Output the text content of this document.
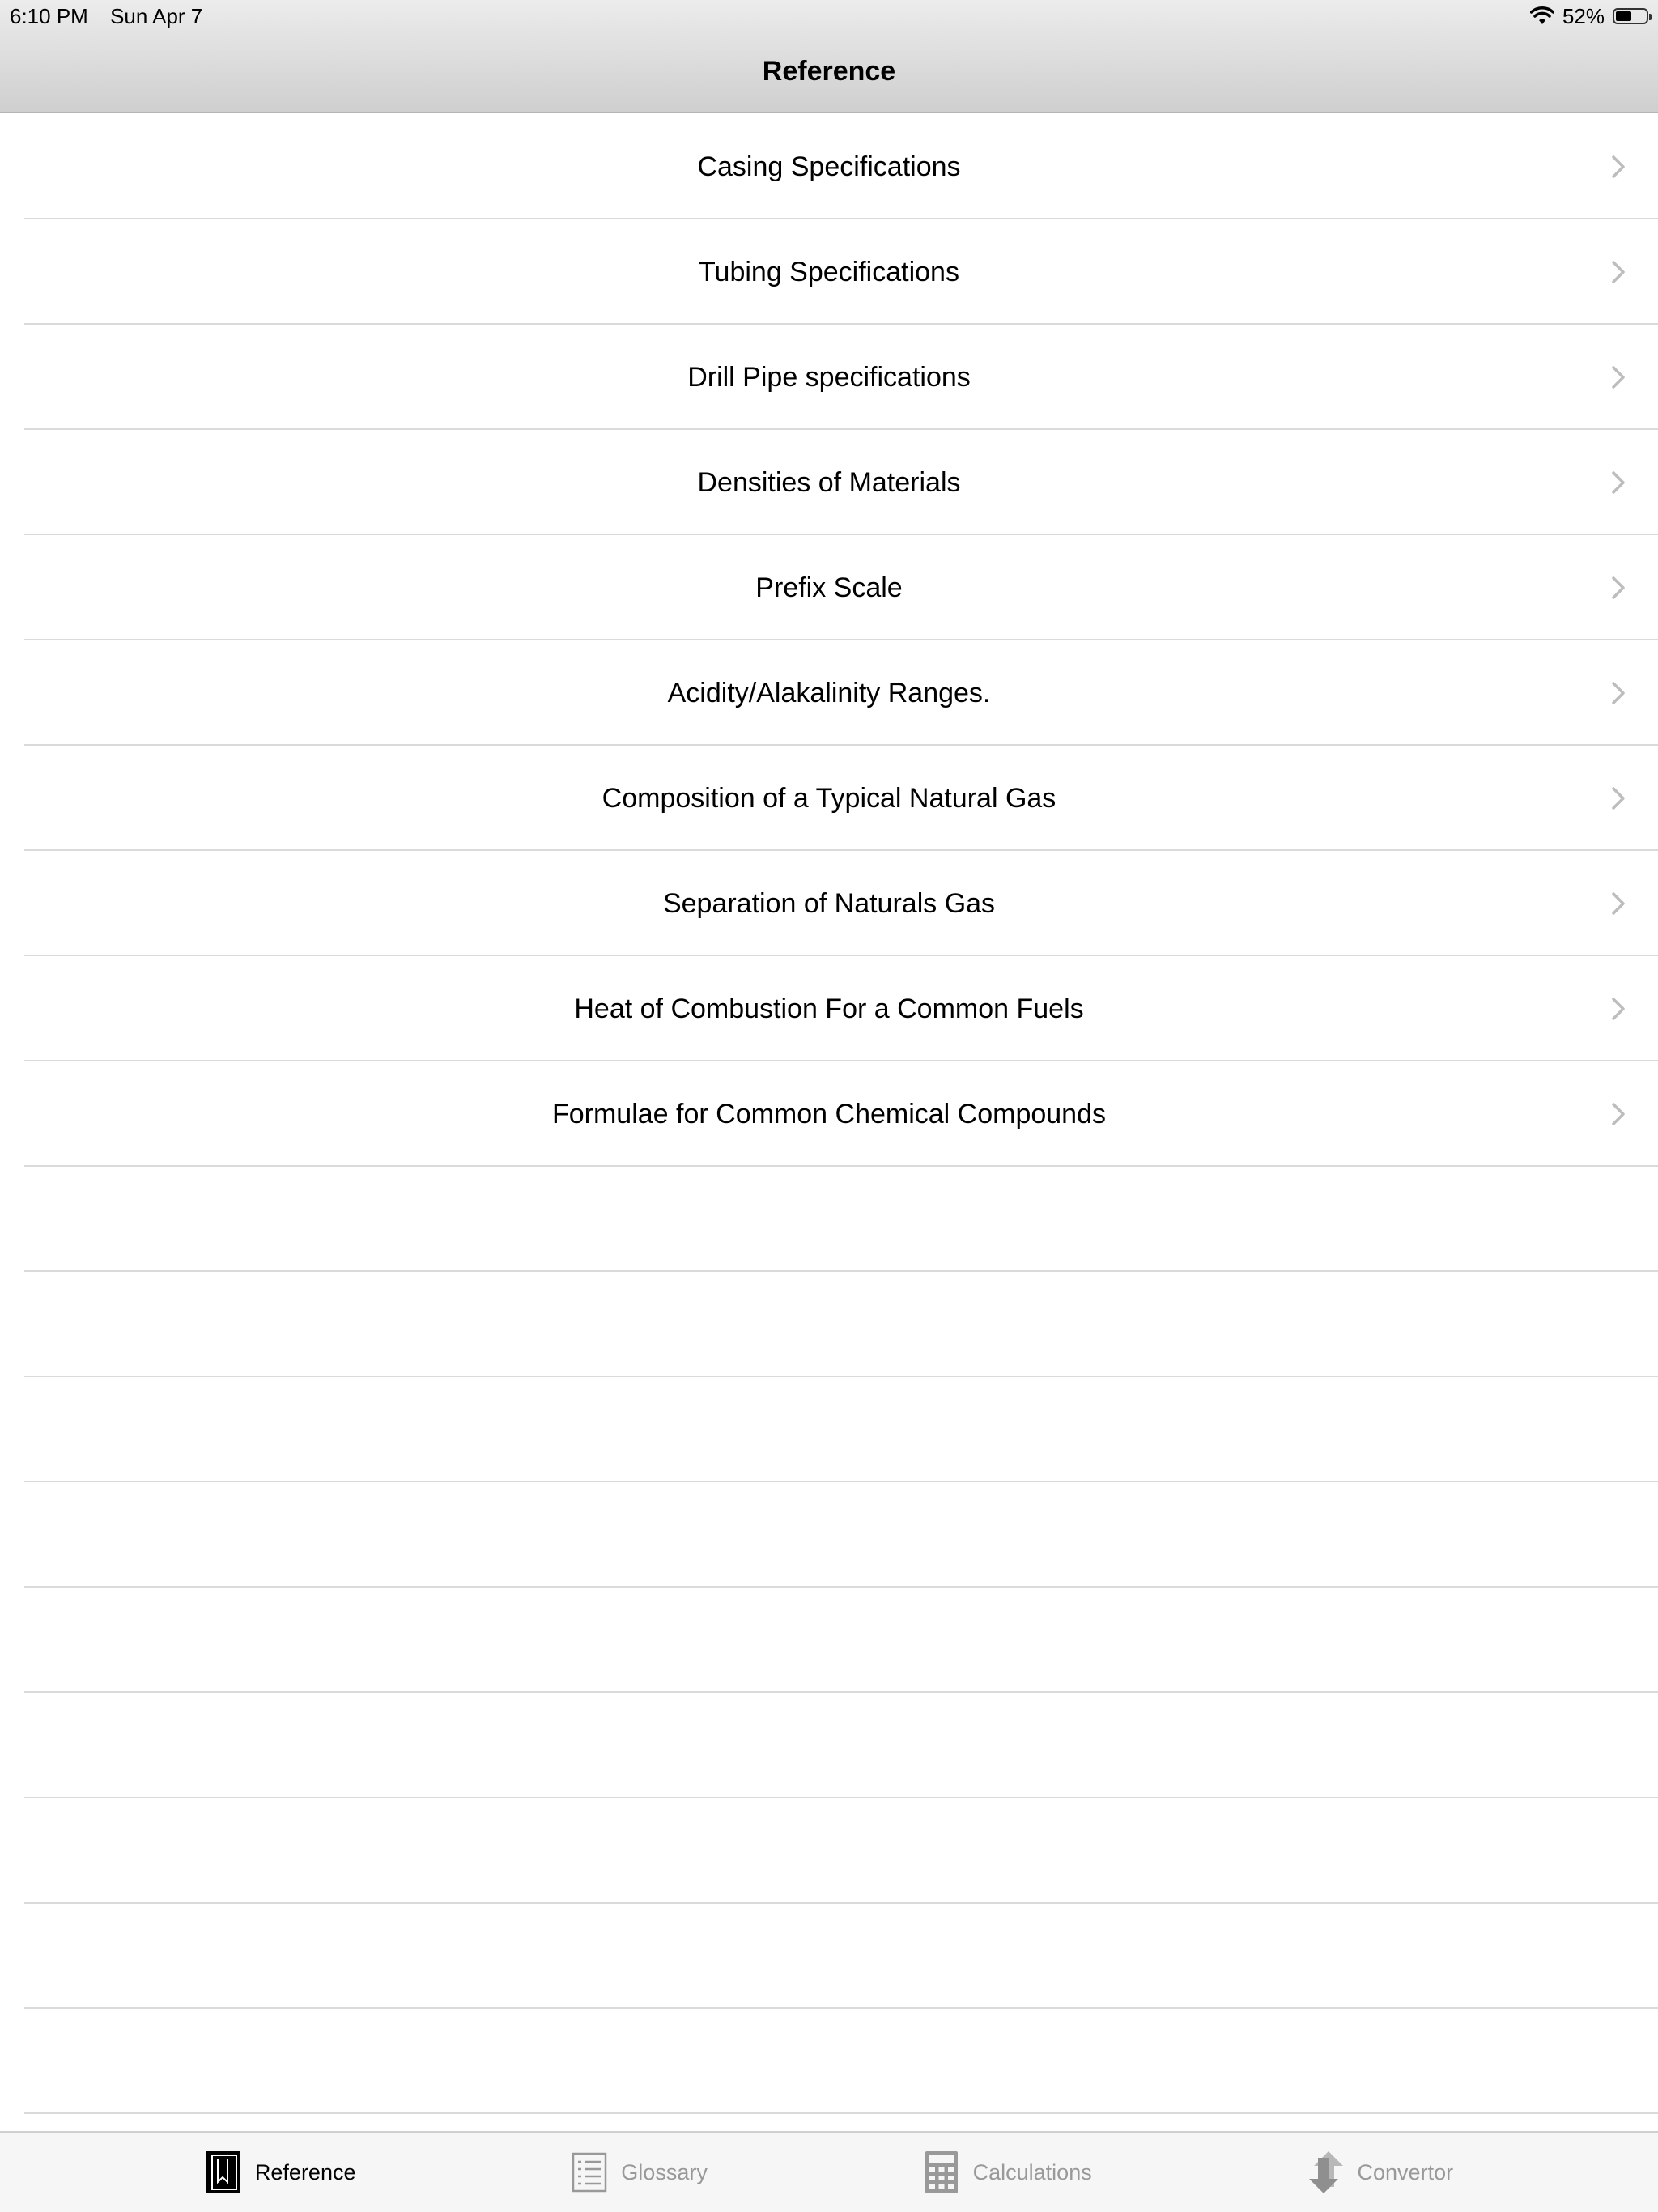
6:10 PM Sun Apr 7	52%
Reference
Casing Specifications
Tubing Specifications
Drill Pipe specifications
Densities of Materials
Prefix Scale
Acidity/Alakalinity Ranges.
Composition of a Typical Natural Gas
Separation of Naturals Gas
Heat of Combustion For a Common Fuels
Formulae for Common Chemical Compounds
Reference	Glossary	Calculations	Convertor
